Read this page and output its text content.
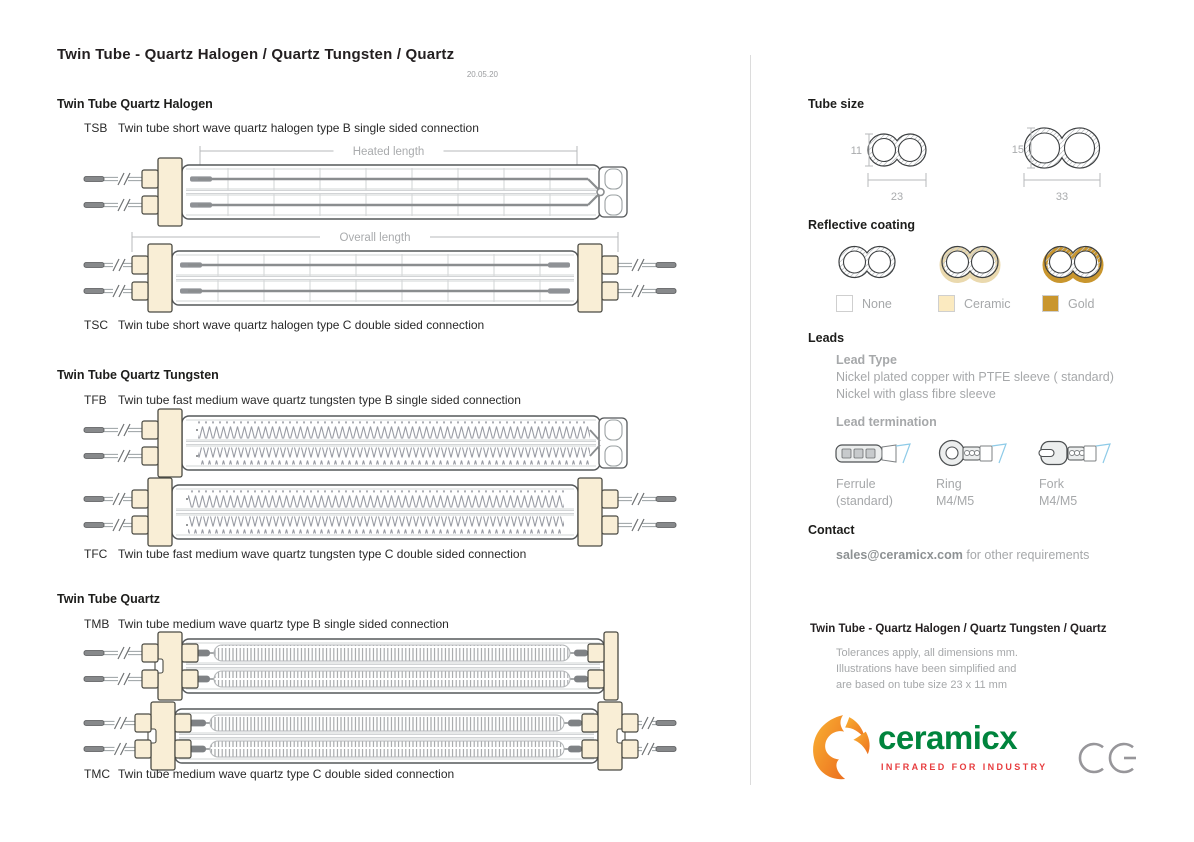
Twin Tube - Quartz Halogen / Quartz Tungsten / Quartz
20.05.20
Twin Tube Quartz Halogen
TSB Twin tube short wave quartz halogen type B single sided connection
Heated length
Overall length
TSC Twin tube short wave quartz halogen type C double sided connection
Twin Tube Quartz Tungsten
TFB Twin tube fast medium wave quartz tungsten type B single sided connection
TFC Twin tube fast medium wave quartz tungsten type C double sided connection
Twin Tube Quartz
TMB Twin tube medium wave quartz type B single sided connection
TMC Twin tube medium wave quartz type C double sided connection
Tube size
11
23
15
33
Reflective coating
None	Ceramic	Gold
Leads
Lead Type
Nickel plated copper with PTFE sleeve ( standard)
Nickel with glass fibre sleeve
Lead termination
Ferrule
(standard)
Ring
M4/M5
Fork
M4/M5
Contact
sales@ceramicx.com for other requirements
Twin Tube - Quartz Halogen / Quartz Tungsten / Quartz
Tolerances apply, all dimensions mm.
Illustrations have been simplified and
are based on tube size 23 x 11 mm
ceramicx
INFRARED FOR INDUSTRY
